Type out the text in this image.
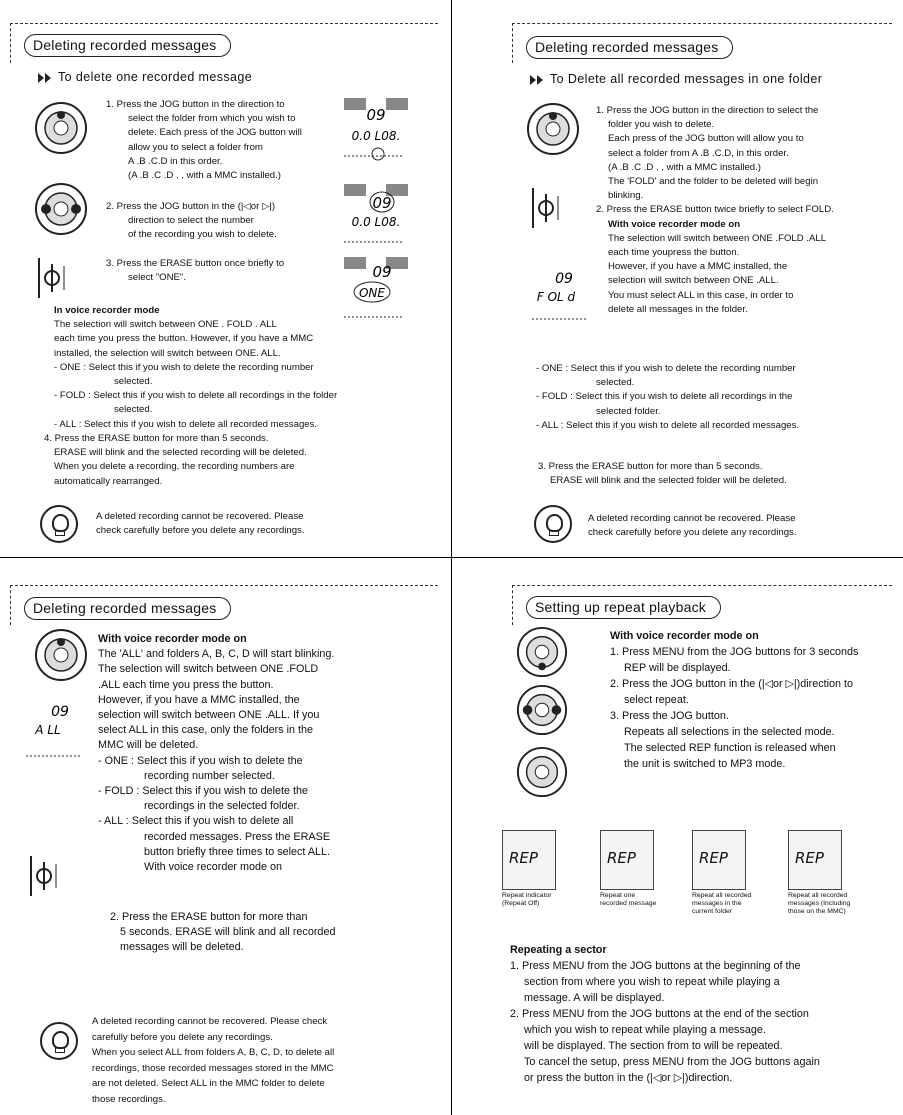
Deleting recorded messages
To delete one recorded message

1. Press the JOG button in the direction to

select the folder from which you wish to

delete. Each press of the JOG button will

allow you to select a folder from

A .B .C.D in this order.

(A .B .C .D . , with a MMC installed.)

2. Press the JOG button in the (|◁or ▷|)

direction to select the number

of the recording you wish to delete.

3. Press the ERASE button once briefly to

select "ONE".

09
0.0 L08.
09
0.0 L08.
09
ONE

In voice recorder mode

The selection will switch between ONE . FOLD . ALL

each time you press the button. However, if you have a MMC

installed, the selection will switch between ONE. ALL.

- ONE : Select this if you wish to delete the recording number

selected.

- FOLD : Select this if you wish to delete all recordings in the folder

selected.

- ALL : Select this if you wish to delete all recorded messages.

4. Press the ERASE button for more than 5 seconds.

ERASE will blink and the selected recording will be deleted.

When you delete a recording, the recording numbers are

automatically rearranged.

A deleted recording cannot be recovered. Please

check carefully before you delete any recordings.

Deleting recorded messages
To Delete all recorded messages in one folder
09
F OL d

1. Press the JOG button in the direction to select the

folder you wish to delete.

Each press of the JOG button will allow you to

select a folder from A .B .C.D, in this order.

(A .B .C .D . , with a MMC installed.)

The 'FOLD' and the folder to be deleted will begin

blinking.

2. Press the ERASE button twice briefly to select FOLD.

With voice recorder mode on

The selection will switch between ONE .FOLD .ALL

each time youpress the button.

However, if you have a MMC installed, the

selection will switch between ONE .ALL.

You must select ALL in this case, in order to

delete all messages in the folder.

- ONE : Select this if you wish to delete the recording number

selected.

- FOLD : Select this if you wish to delete all recordings in the

selected folder.

- ALL : Select this if you wish to delete all recorded messages.

3. Press the ERASE button for more than 5 seconds.

ERASE will blink and the selected folder will be deleted.

A deleted recording cannot be recovered. Please

check carefully before you delete any recordings.

Deleting recorded messages
09
A LL

With voice recorder mode on

The 'ALL' and folders A, B, C, D will start blinking.

The selection will switch between ONE .FOLD

.ALL each time you press the button.

However, if you have a MMC installed, the

selection will switch between ONE .ALL. If you

select ALL in this case, only the folders in the

MMC will be deleted.

- ONE : Select this if you wish to delete the

recording number selected.

- FOLD : Select this if you wish to delete the

recordings in the selected folder.

- ALL : Select this if you wish to delete all

recorded messages. Press the ERASE

button briefly three times to select ALL.

With voice recorder mode on

2. Press the ERASE button for more than

5 seconds. ERASE will blink and all recorded

messages will be deleted.

A deleted recording cannot be recovered. Please check

carefully before you delete any recordings.

When you select ALL from folders A, B, C, D, to delete all

recordings, those recorded messages stored in the MMC

are not deleted. Select ALL in the MMC folder to delete

those recordings.

Setting up repeat playback

With voice recorder mode on

1. Press MENU from the JOG buttons for 3 seconds

REP will be displayed.

2. Press the JOG button in the (|◁or ▷|)direction to

select repeat.

3. Press the JOG button.

Repeats all selections in the selected mode.

The selected REP function is released when

the unit is switched to MP3 mode.

REP
Repeat indicator (Repeat Off)
REP
Repeat one recorded message
REP
Repeat all recorded messages in the current folder
REP
Repeat all recorded messages (Including those on the MMC)

Repeating a sector

1. Press MENU from the JOG buttons at the beginning of the

section from where you wish to repeat while playing a

message. A will be displayed.

2. Press MENU from the JOG buttons at the end of the section

which you wish to repeat while playing a message.

will be displayed. The section from to will be repeated.

To cancel the setup, press MENU from the JOG buttons again

or press the button in the (|◁or ▷|)direction.
